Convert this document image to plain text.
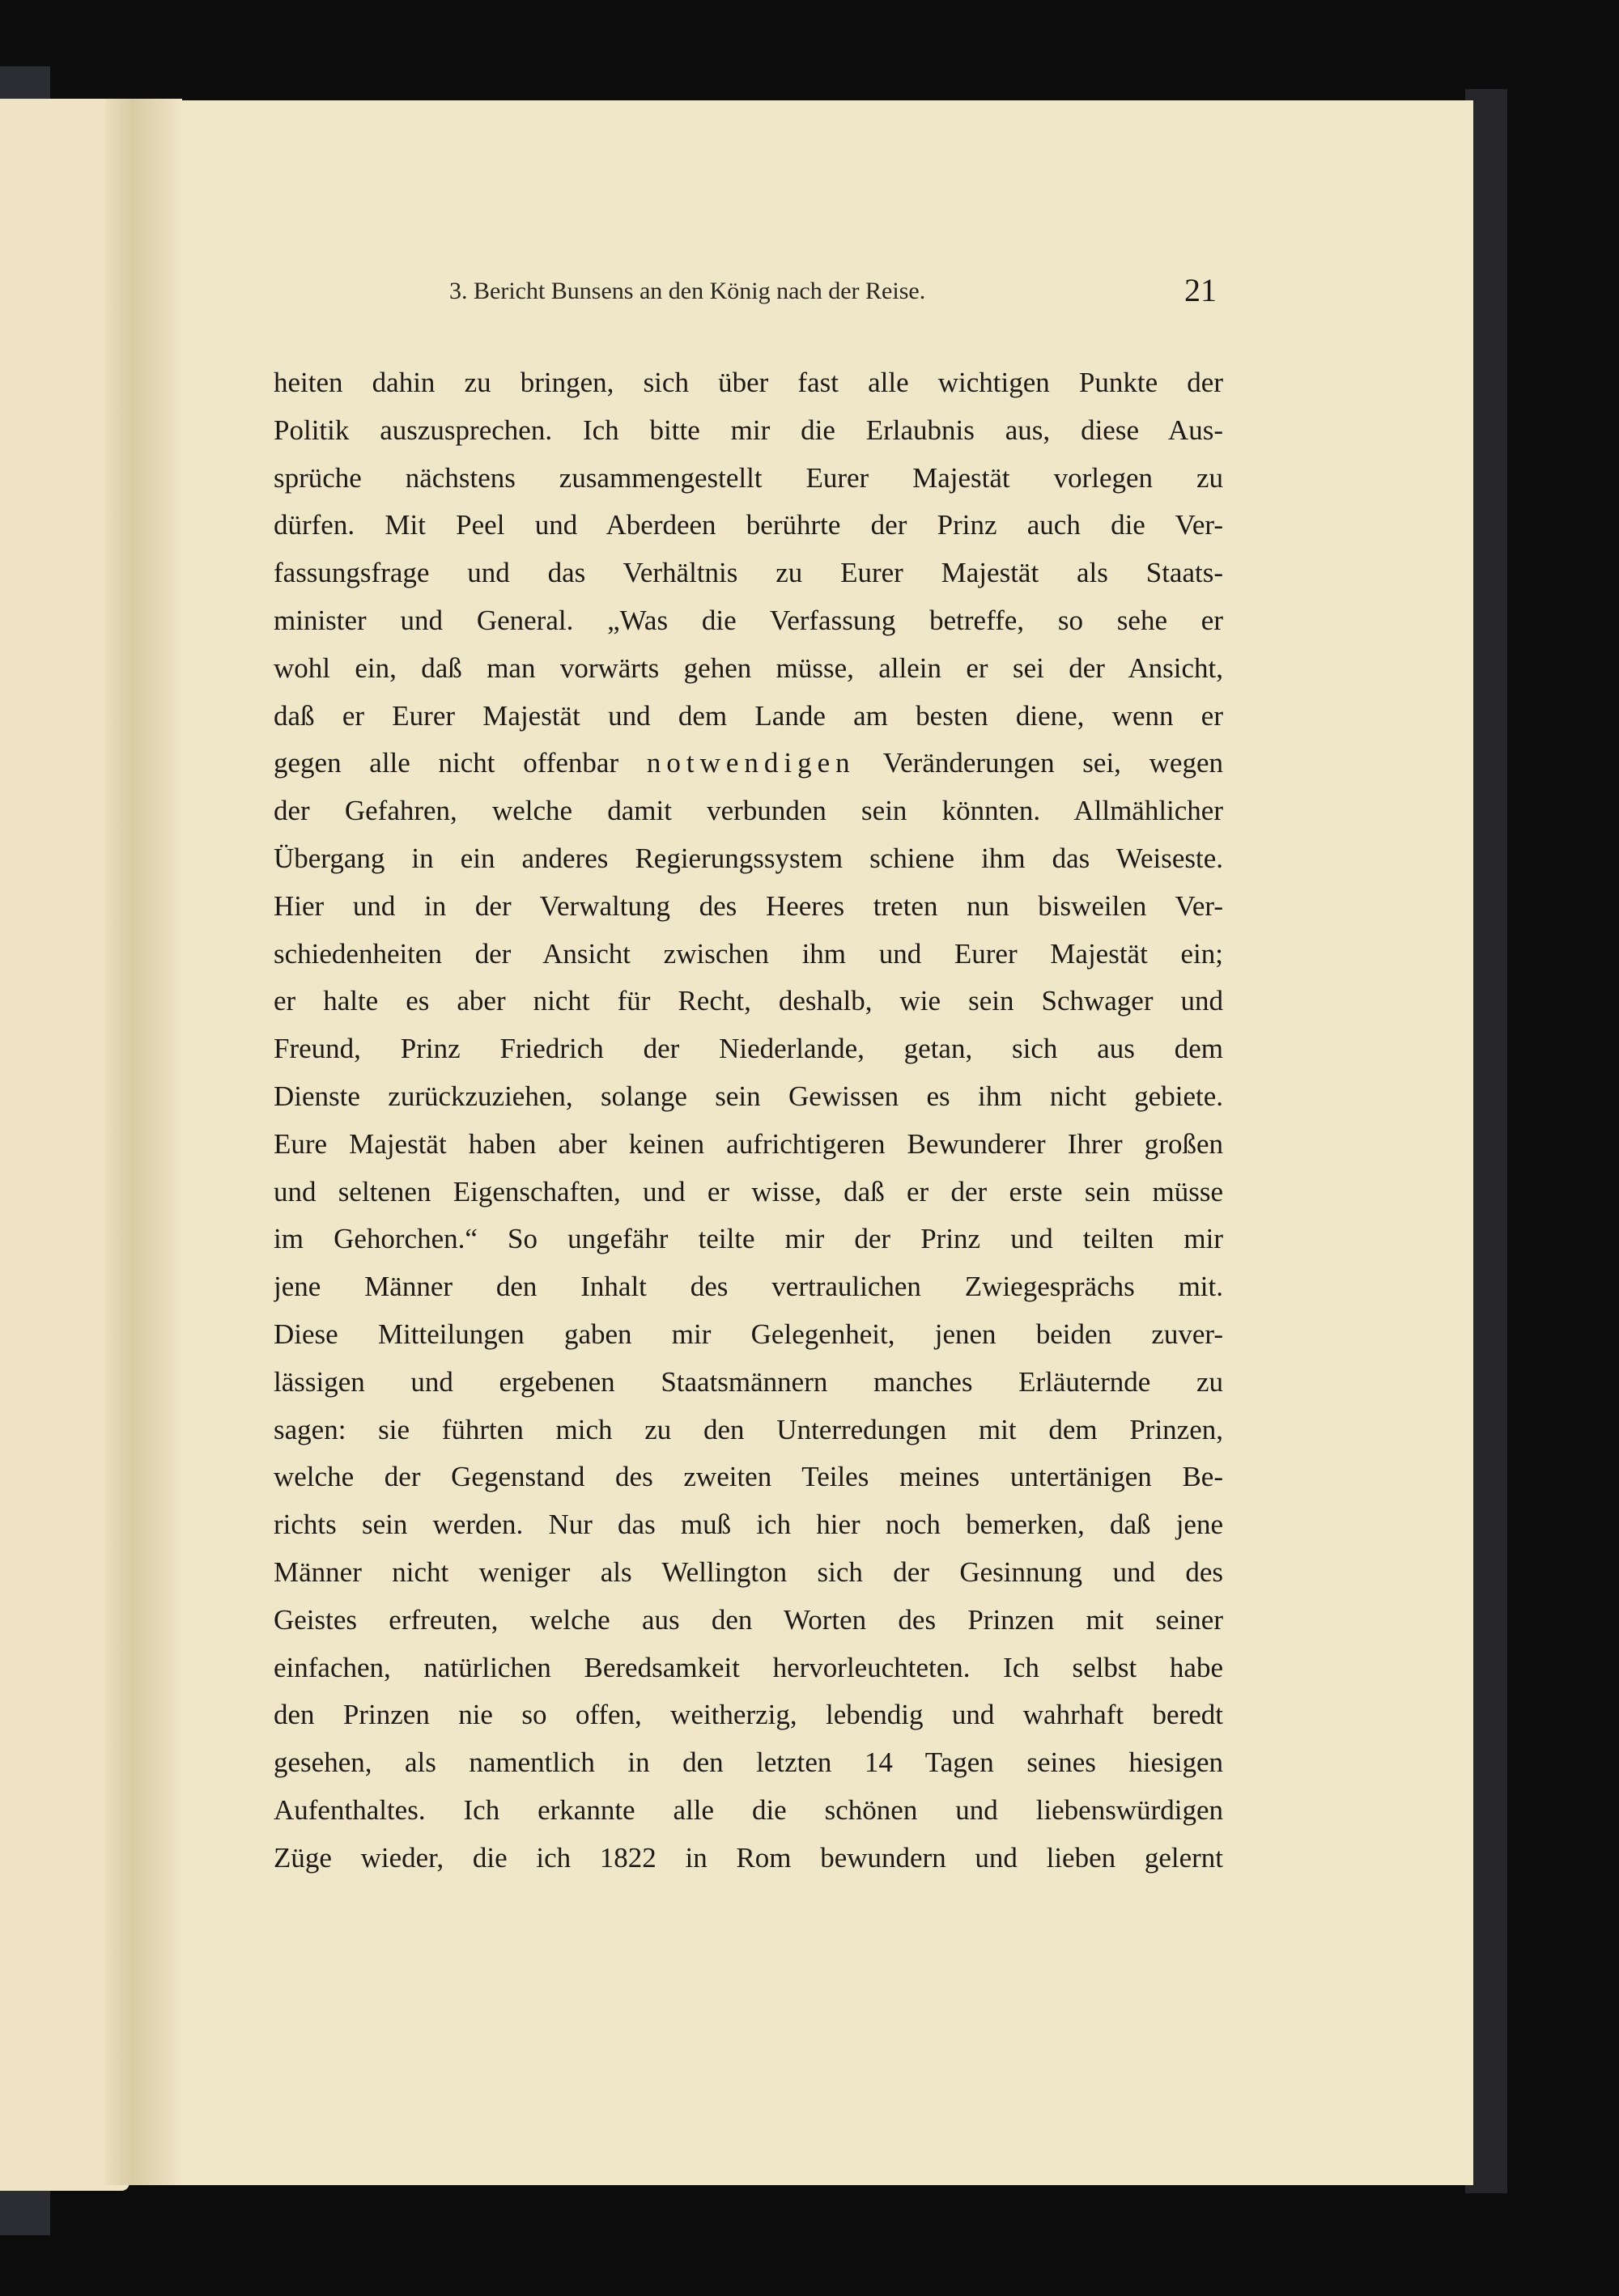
3. Bericht Bunsens an den König nach der Reise.	21
heiten dahin zu bringen, sich über fast alle wichtigen Punkte der
Politik auszusprechen. Ich bitte mir die Erlaubnis aus, diese Aus-
sprüche nächstens zusammengestellt Eurer Majestät vorlegen zu
dürfen. Mit Peel und Aberdeen berührte der Prinz auch die Ver-
fassungsfrage und das Verhältnis zu Eurer Majestät als Staats-
minister und General. „Was die Verfassung betreffe, so sehe er
wohl ein, daß man vorwärts gehen müsse, allein er sei der Ansicht,
daß er Eurer Majestät und dem Lande am besten diene, wenn er
gegen alle nicht offenbar notwendigen Veränderungen sei, wegen
der Gefahren, welche damit verbunden sein könnten. Allmählicher
Übergang in ein anderes Regierungssystem schiene ihm das Weiseste.
Hier und in der Verwaltung des Heeres treten nun bisweilen Ver-
schiedenheiten der Ansicht zwischen ihm und Eurer Majestät ein;
er halte es aber nicht für Recht, deshalb, wie sein Schwager und
Freund, Prinz Friedrich der Niederlande, getan, sich aus dem
Dienste zurückzuziehen, solange sein Gewissen es ihm nicht gebiete.
Eure Majestät haben aber keinen aufrichtigeren Bewunderer Ihrer großen
und seltenen Eigenschaften, und er wisse, daß er der erste sein müsse
im Gehorchen.“ So ungefähr teilte mir der Prinz und teilten mir
jene Männer den Inhalt des vertraulichen Zwiegesprächs mit.
Diese Mitteilungen gaben mir Gelegenheit, jenen beiden zuver-
lässigen und ergebenen Staatsmännern manches Erläuternde zu
sagen: sie führten mich zu den Unterredungen mit dem Prinzen,
welche der Gegenstand des zweiten Teiles meines untertänigen Be-
richts sein werden. Nur das muß ich hier noch bemerken, daß jene
Männer nicht weniger als Wellington sich der Gesinnung und des
Geistes erfreuten, welche aus den Worten des Prinzen mit seiner
einfachen, natürlichen Beredsamkeit hervorleuchteten. Ich selbst habe
den Prinzen nie so offen, weitherzig, lebendig und wahrhaft beredt
gesehen, als namentlich in den letzten 14 Tagen seines hiesigen
Aufenthaltes. Ich erkannte alle die schönen und liebenswürdigen
Züge wieder, die ich 1822 in Rom bewundern und lieben gelernt
